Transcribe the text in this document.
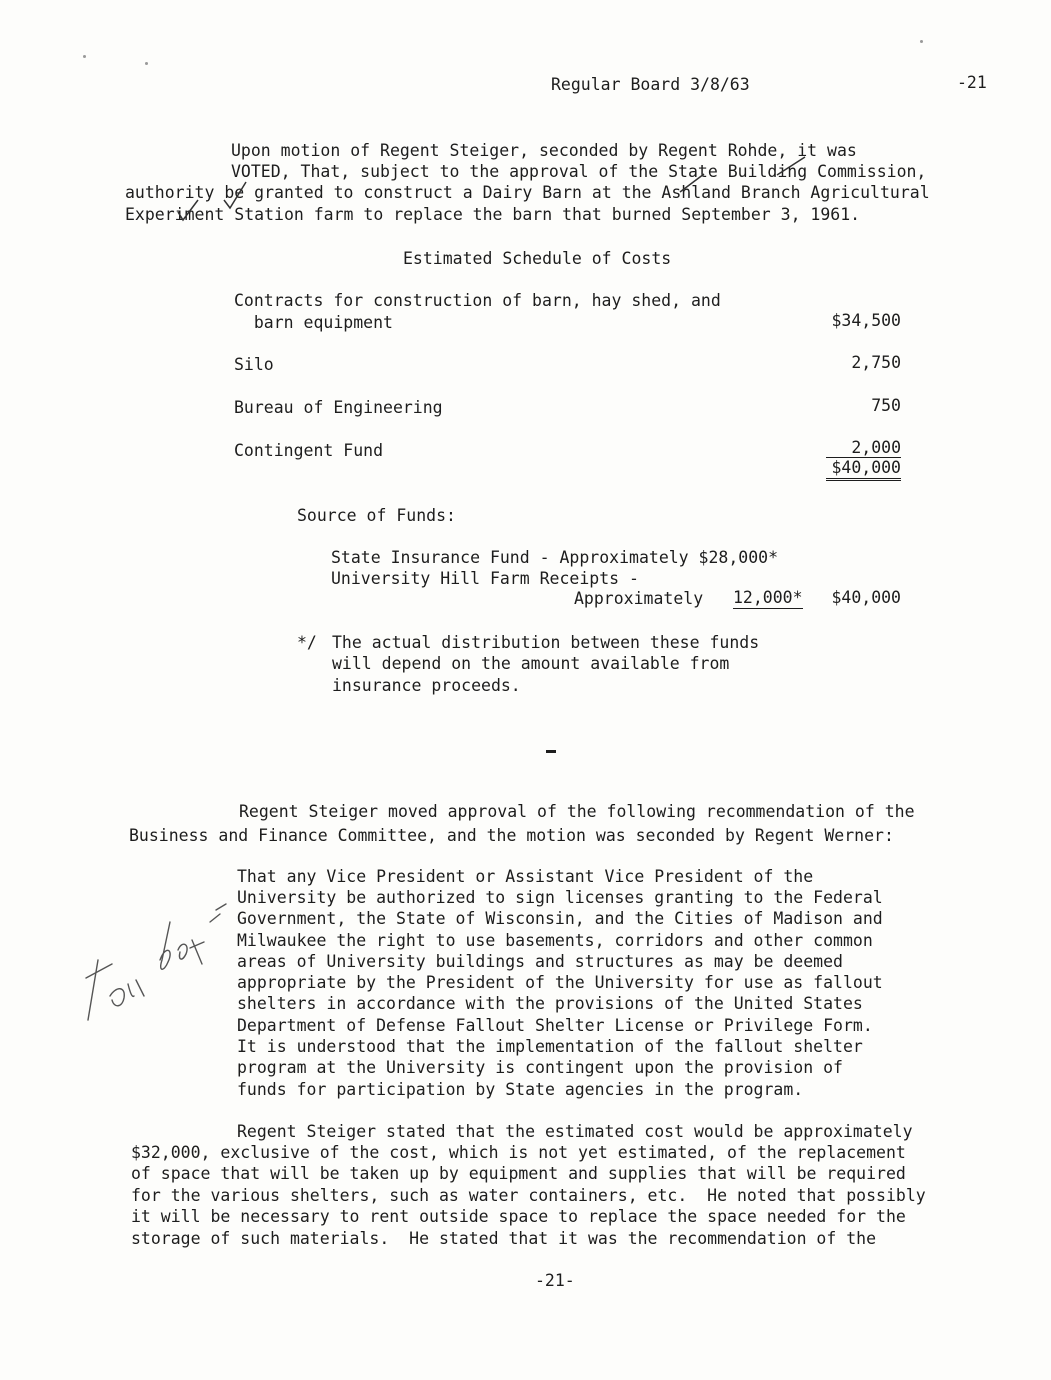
Regular Board 3/8/63	-21
Upon motion of Regent Steiger, seconded by Regent Rohde, it was
VOTED, That, subject to the approval of the State Building Commission,
authority be granted to construct a Dairy Barn at the Ashland Branch Agricultural
Experiment Station farm to replace the barn that burned September 3, 1961.
Estimated Schedule of Costs
Contracts for construction of barn, hay shed, and
barn equipment	$34,500
Silo	2,750
Bureau of Engineering	750
Contingent Fund	2,000
$40,000
Source of Funds:
State Insurance Fund - Approximately $28,000*
University Hill Farm Receipts -
Approximately 12,000*	$40,000
*/ The actual distribution between these funds
will depend on the amount available from
insurance proceeds.
Regent Steiger moved approval of the following recommendation of the
Business and Finance Committee, and the motion was seconded by Regent Werner:
That any Vice President or Assistant Vice President of the
University be authorized to sign licenses granting to the Federal
Government, the State of Wisconsin, and the Cities of Madison and
Milwaukee the right to use basements, corridors and other common
areas of University buildings and structures as may be deemed
appropriate by the President of the University for use as fallout
shelters in accordance with the provisions of the United States
Department of Defense Fallout Shelter License or Privilege Form.
It is understood that the implementation of the fallout shelter
program at the University is contingent upon the provision of
funds for participation by State agencies in the program.
Regent Steiger stated that the estimated cost would be approximately
$32,000, exclusive of the cost, which is not yet estimated, of the replacement
of space that will be taken up by equipment and supplies that will be required
for the various shelters, such as water containers, etc.  He noted that possibly
it will be necessary to rent outside space to replace the space needed for the
storage of such materials.  He stated that it was the recommendation of the
-21-
